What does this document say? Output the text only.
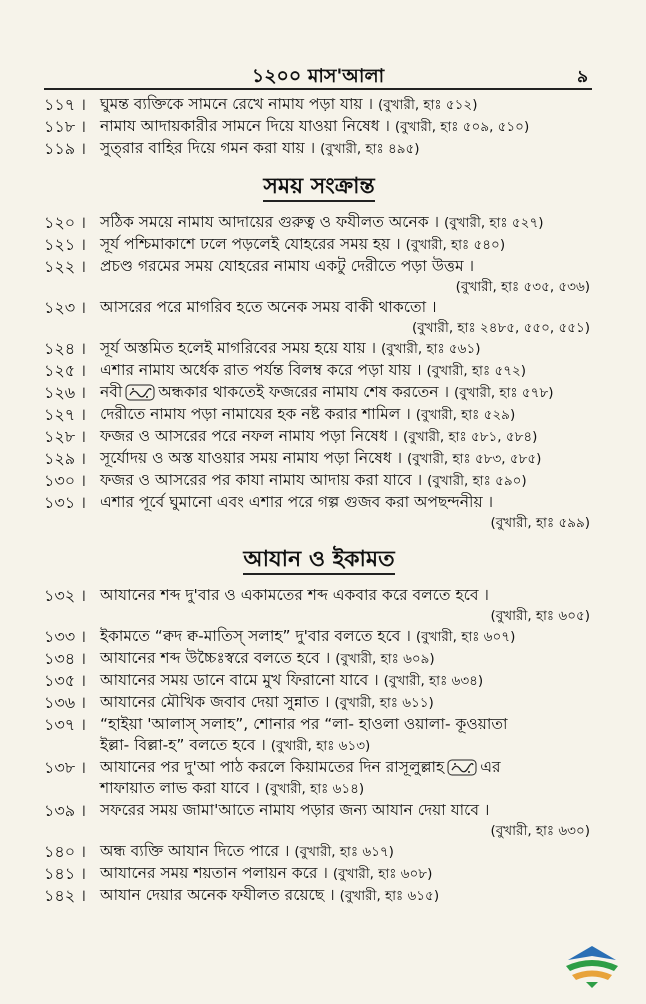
১২০০ মাস'আলা	৯
১১৭ । ঘুমন্ত ব্যক্তিকে সামনে রেখে নামায পড়া যায় । (বুখারী, হাঃ ৫১২)
১১৮ । নামায আদায়কারীর সামনে দিয়ে যাওয়া নিষেধ । (বুখারী, হাঃ ৫০৯, ৫১০)
১১৯ । সুত্‌রার বাহির দিয়ে গমন করা যায় । (বুখারী, হাঃ ৪৯৫)
সময় সংক্রান্ত
১২০ । সঠিক সময়ে নামায আদায়ের গুরুত্ব ও ফযীলত অনেক । (বুখারী, হাঃ ৫২৭)
১২১ । সূর্য পশ্চিমাকাশে ঢলে পড়লেই যোহরের সময় হয় । (বুখারী, হাঃ ৫৪০)
১২২ । প্রচণ্ড গরমের সময় যোহরের নামায একটু দেরীতে পড়া উত্তম ।
(বুখারী, হাঃ ৫৩৫, ৫৩৬)
১২৩ । আসরের পরে মাগরিব হতে অনেক সময় বাকী থাকতো ।
(বুখারী, হাঃ ২৪৮৫, ৫৫০, ৫৫১)
১২৪ । সূর্য অস্তমিত হলেই মাগরিবের সময় হয়ে যায় । (বুখারী, হাঃ ৫৬১)
১২৫ । এশার নামায অর্ধেক রাত পর্যন্ত বিলম্ব করে পড়া যায় । (বুখারী, হাঃ ৫৭২)
১২৬ । নবী অন্ধকার থাকতেই ফজরের নামায শেষ করতেন । (বুখারী, হাঃ ৫৭৮)
১২৭ । দেরীতে নামায পড়া নামাযের হক নষ্ট করার শামিল । (বুখারী, হাঃ ৫২৯)
১২৮ । ফজর ও আসরের পরে নফল নামায পড়া নিষেধ । (বুখারী, হাঃ ৫৮১, ৫৮৪)
১২৯ । সূর্যোদয় ও অস্ত যাওয়ার সময় নামায পড়া নিষেধ । (বুখারী, হাঃ ৫৮৩, ৫৮৫)
১৩০ । ফজর ও আসরের পর কাযা নামায আদায় করা যাবে । (বুখারী, হাঃ ৫৯০)
১৩১ । এশার পূর্বে ঘুমানো এবং এশার পরে গল্প গুজব করা অপছন্দনীয় ।
(বুখারী, হাঃ ৫৯৯)
আযান ও ইকামত
১৩২ । আযানের শব্দ দু'বার ও একামতের শব্দ একবার করে বলতে হবে ।
(বুখারী, হাঃ ৬০৫)
১৩৩ । ইকামতে “ক্বদ ক্ব-মাতিস্‌ সলাহ” দু'বার বলতে হবে । (বুখারী, হাঃ ৬০৭)
১৩৪ । আযানের শব্দ উচ্চৈঃস্বরে বলতে হবে । (বুখারী, হাঃ ৬০৯)
১৩৫ । আযানের সময় ডানে বামে মুখ ফিরানো যাবে । (বুখারী, হাঃ ৬৩৪)
১৩৬ । আযানের মৌখিক জবাব দেয়া সুন্নাত । (বুখারী, হাঃ ৬১১)
১৩৭ । “হাইয়া 'আলাস্‌ সলাহ”, শোনার পর “লা- হাওলা ওয়ালা- কূওয়াতা
ইল্লা- বিল্লা-হ” বলতে হবে । (বুখারী, হাঃ ৬১৩)
১৩৮ । আযানের পর দু'আ পাঠ করলে কিয়ামতের দিন রাসূলুল্লাহ এর
শাফায়াত লাভ করা যাবে । (বুখারী, হাঃ ৬১৪)
১৩৯ । সফরের সময় জামা'আতে নামায পড়ার জন্য আযান দেয়া যাবে ।
(বুখারী, হাঃ ৬৩০)
১৪০ । অন্ধ ব্যক্তি আযান দিতে পারে । (বুখারী, হাঃ ৬১৭)
১৪১ । আযানের সময় শয়তান পলায়ন করে । (বুখারী, হাঃ ৬০৮)
১৪২ । আযান দেয়ার অনেক ফযীলত রয়েছে । (বুখারী, হাঃ ৬১৫)
